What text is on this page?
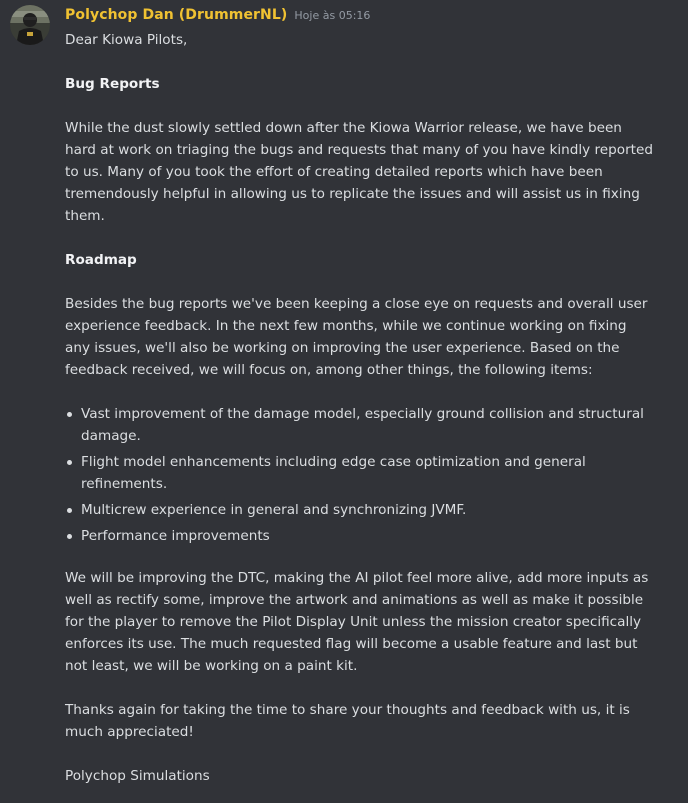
Polychop Dan (DrummerNL) Hoje às 05:16

Dear Kiowa Pilots,

Bug Reports

While the dust slowly settled down after the Kiowa Warrior release, we have been hard at work on triaging the bugs and requests that many of you have kindly reported to us. Many of you took the effort of creating detailed reports which have been tremendously helpful in allowing us to replicate the issues and will assist us in fixing them.

Roadmap

Besides the bug reports we've been keeping a close eye on requests and overall user experience feedback. In the next few months, while we continue working on fixing any issues, we'll also be working on improving the user experience. Based on the feedback received, we will focus on, among other things, the following items:

Vast improvement of the damage model, especially ground collision and structural damage.
Flight model enhancements including edge case optimization and general refinements.
Multicrew experience in general and synchronizing JVMF.
Performance improvements

We will be improving the DTC, making the AI pilot feel more alive, add more inputs as well as rectify some, improve the artwork and animations as well as make it possible for the player to remove the Pilot Display Unit unless the mission creator specifically enforces its use. The much requested flag will become a usable feature and last but not least, we will be working on a paint kit.

Thanks again for taking the time to share your thoughts and feedback with us, it is much appreciated!

Polychop Simulations
